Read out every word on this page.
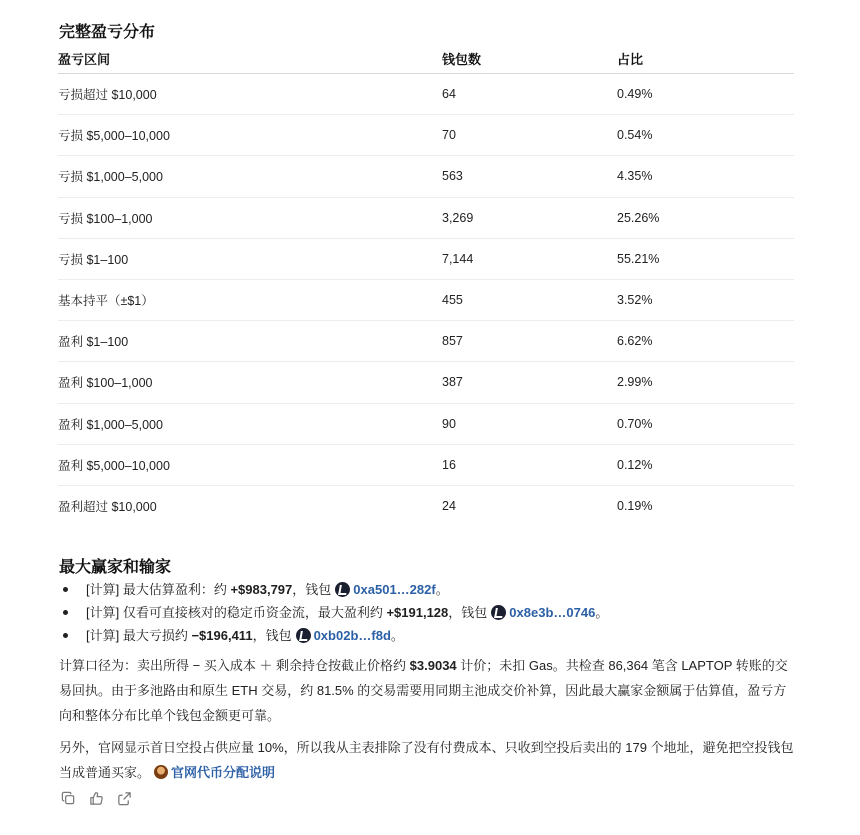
完整盈亏分布
盈亏区间	钱包数	占比
亏损超过 $10,000	64	0.49%
亏损 $5,000–10,000	70	0.54%
亏损 $1,000–5,000	563	4.35%
亏损 $100–1,000	3,269	25.26%
亏损 $1–100	7,144	55.21%
基本持平（±$1）	455	3.52%
盈利 $1–100	857	6.62%
盈利 $100–1,000	387	2.99%
盈利 $1,000–5,000	90	0.70%
盈利 $5,000–10,000	16	0.12%
盈利超过 $10,000	24	0.19%
最大赢家和输家
[计算] 最大估算盈利：约 +$983,797，钱包 0xa501…282f。
[计算] 仅看可直接核对的稳定币资金流，最大盈利约 +$191,128，钱包 0x8e3b…0746。
[计算] 最大亏损约 −$196,411，钱包 0xb02b…f8d。

计算口径为：卖出所得 − 买入成本 ＋ 剩余持仓按截止价格约 $3.9034 计价；未扣 Gas。共检查 86,364 笔含 LAPTOP 转账的交易回执。由于多池路由和原生 ETH 交易，约 81.5% 的交易需要用同期主池成交价补算，因此最大赢家金额属于估算值，盈亏方向和整体分布比单个钱包金额更可靠。

另外，官网显示首日空投占供应量 10%，所以我从主表排除了没有付费成本、只收到空投后卖出的 179 个地址，避免把空投钱包当成普通买家。 官网代币分配说明
